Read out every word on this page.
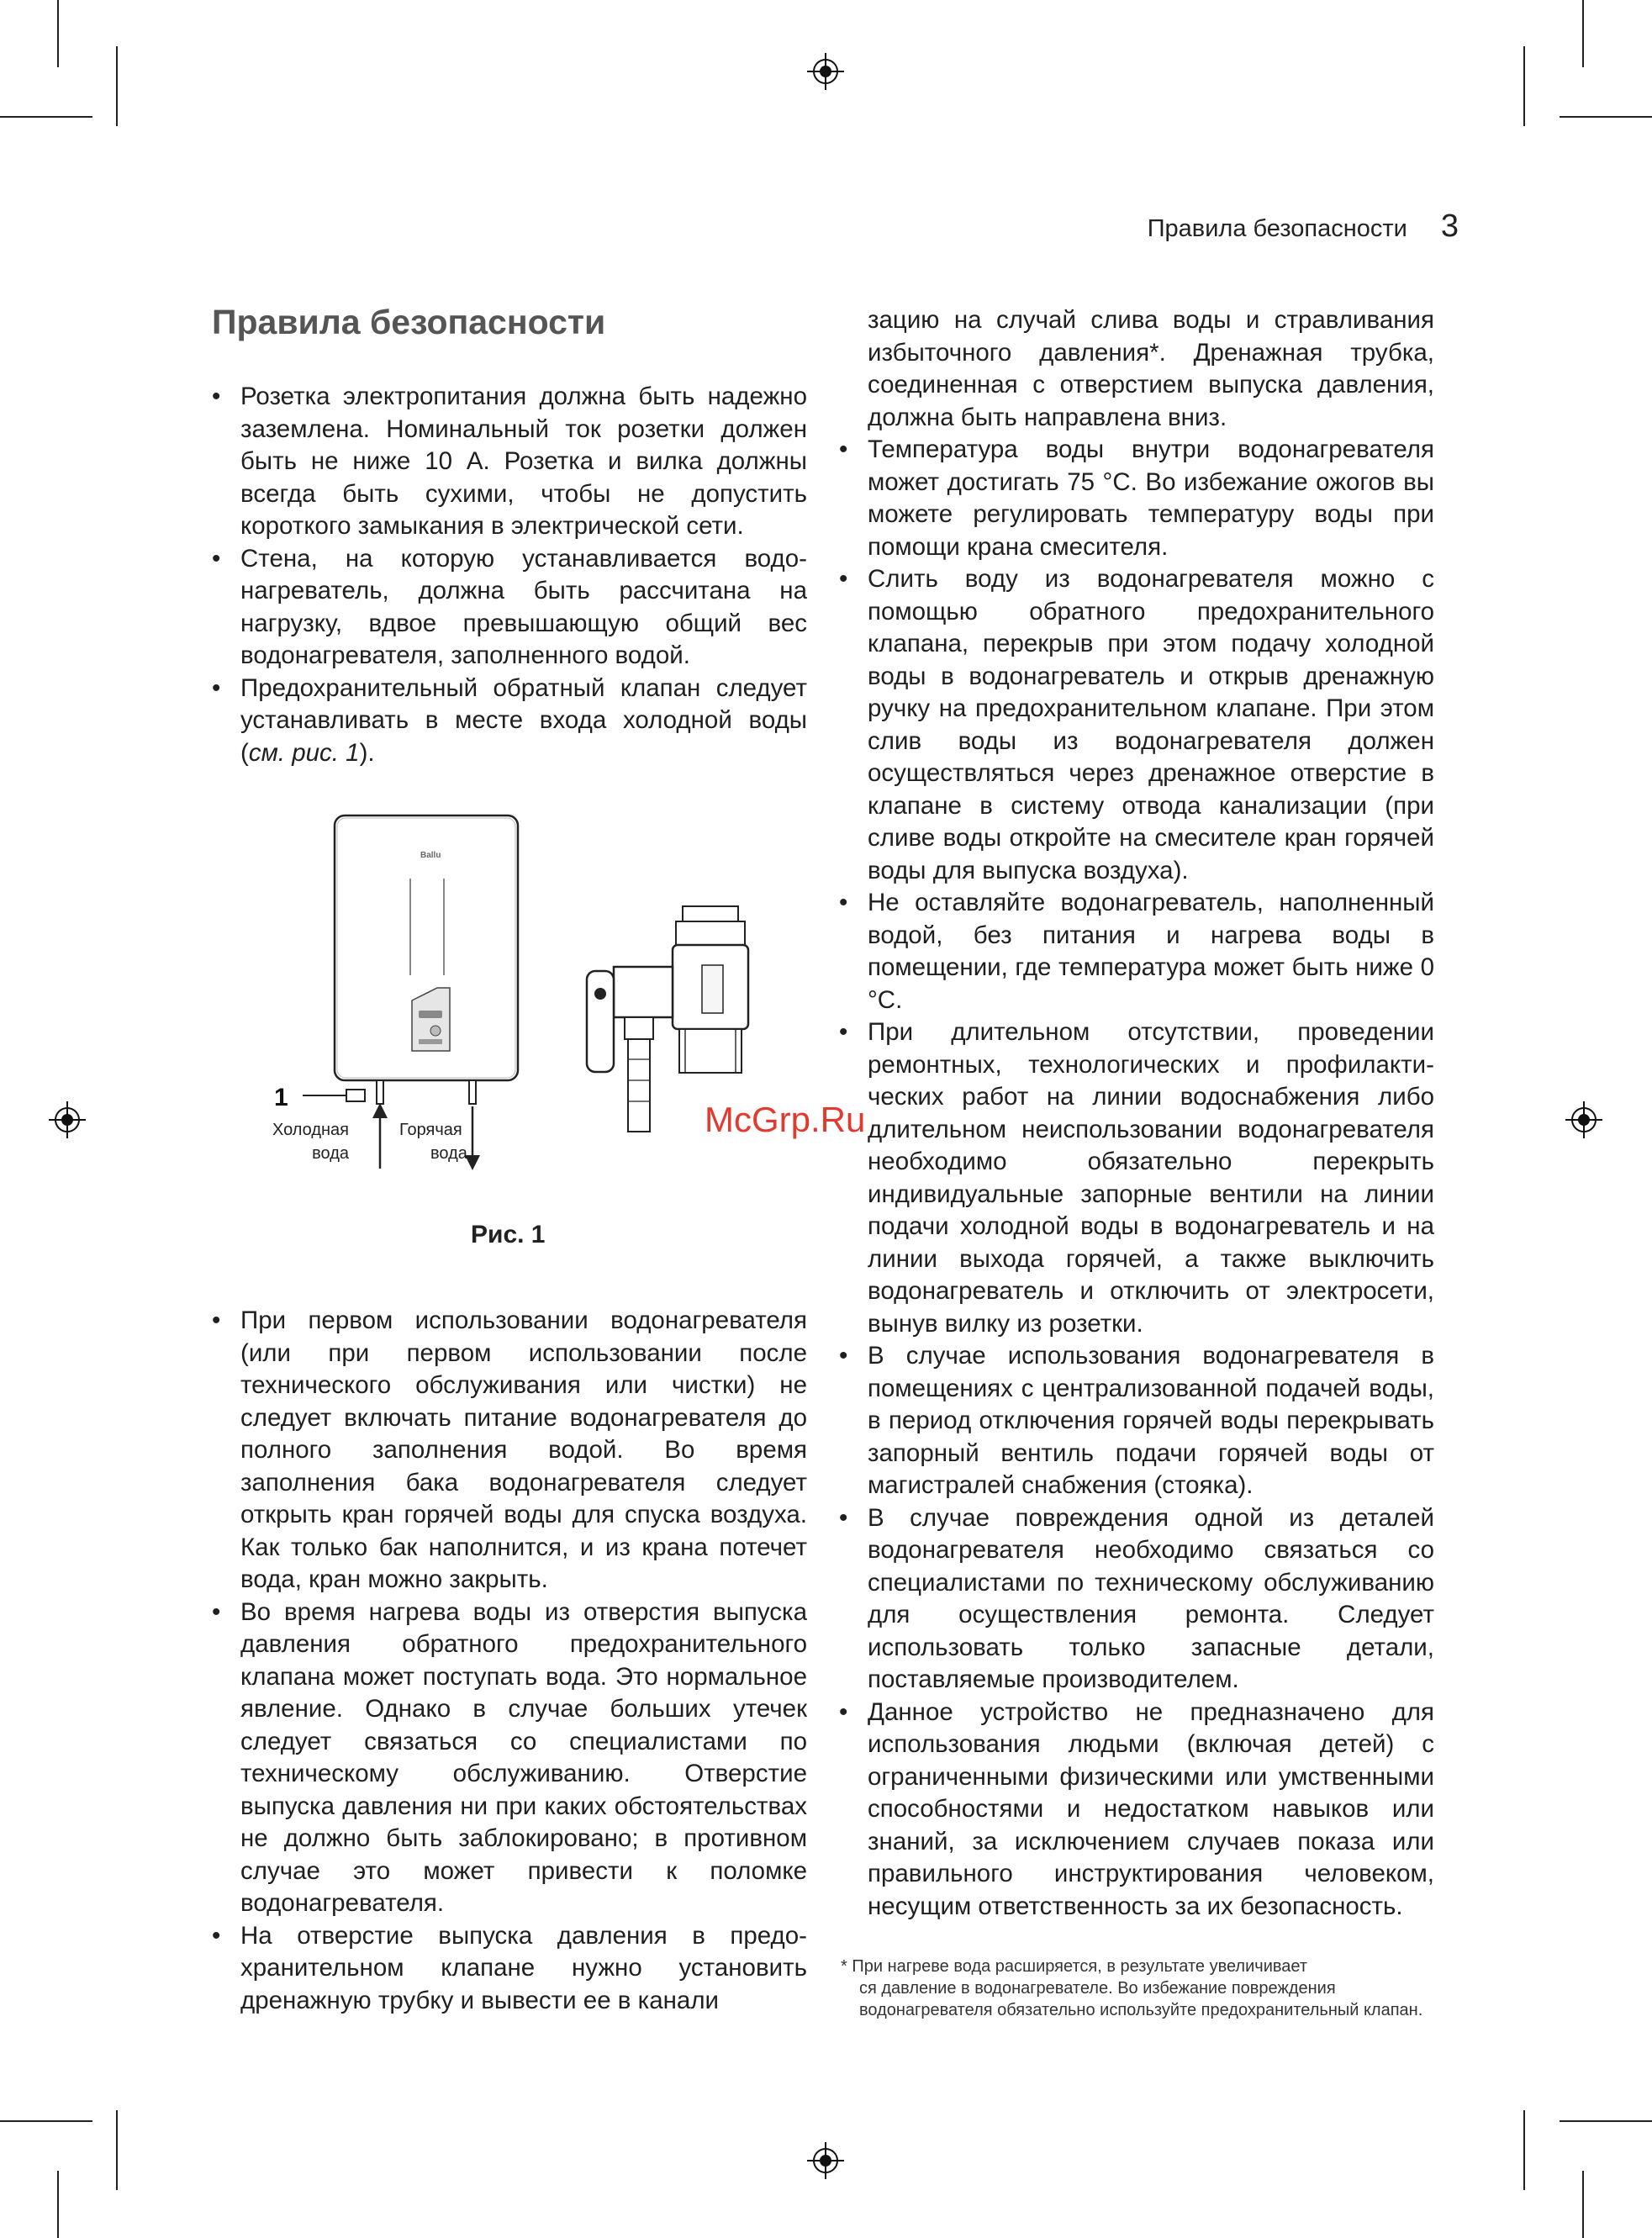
Правила безопасности 3
Правила безопасности
• Розетка электропитания должна быть надежно заземлена. Номинальный ток розетки должен быть не ниже 10 А. Розетка и вилка должны всегда быть сухими, чтобы не допустить короткого замыкания в электрической сети.
• Стена, на которую устанавливается водонагреватель, должна быть рассчитана на нагрузку, вдвое превышающую общий вес водонагревателя, заполненного водой.
• Предохранительный обратный клапан следует устанавливать в месте входа холодной воды (см. рис. 1).
Ballu
1
Холодная
вода
Горячая
вода
Рис. 1
• При первом использовании водонагревателя (или при первом использовании после технического обслуживания или чистки) не следует включать питание водонагревателя до полного заполнения водой. Во время заполнения бака водонагревателя следует открыть кран горячей воды для спуска воздуха. Как только бак наполнится, и из крана потечет вода, кран можно закрыть.
• Во время нагрева воды из отверстия выпуска давления обратного предохранительного клапана может поступать вода. Это нормальное явление. Однако в случае больших утечек следует связаться со специалистами по техническому обслуживанию. Отверстие выпуска давления ни при каких обстоятельствах не должно быть заблокировано; в противном случае это может привести к поломке водонагревателя.
• На отверстие выпуска давления в предохранительном клапане нужно установить дренажную трубку и вывести ее в канали

зацию на случай слива воды и стравливания избыточного давления*. Дренажная трубка, соединенная с отверстием выпуска давления, должна быть направлена вниз.

• Температура воды внутри водонагревателя может достигать 75 °С. Во избежание ожогов вы можете регулировать температуру воды при помощи крана смесителя.
• Слить воду из водонагревателя можно с помощью обратного предохранительного клапана, перекрыв при этом подачу холодной воды в водонагреватель и открыв дренажную ручку на предохранительном клапане. При этом слив воды из водонагревателя должен осуществляться через дренажное отверстие в клапане в систему отвода канализации (при сливе воды откройте на смесителе кран горячей воды для выпуска воздуха).
• Не оставляйте водонагреватель, наполненный водой, без питания и нагрева воды в помещении, где температура может быть ниже 0 °С.
• При длительном отсутствии, проведении ремонтных, технологических и профилактических работ на линии водоснабжения либо длительном неиспользовании водонагревателя необходимо обязательно перекрыть индивидуальные запорные вентили на линии подачи холодной воды в водонагреватель и на линии выхода горячей, а также выключить водонагреватель и отключить от электросети, вынув вилку из розетки.
• В случае использования водонагревателя в помещениях с централизованной подачей воды, в период отключения горячей воды перекрывать запорный вентиль подачи горячей воды от магистралей снабжения (стояка).
• В случае повреждения одной из деталей водонагревателя необходимо связаться со специалистами по техническому обслуживанию для осуществления ремонта. Следует использовать только запасные детали, поставляемые производителем.
• Данное устройство не предназначено для использования людьми (включая детей) с ограниченными физическими или умственными способностями и недостатком навыков или знаний, за исключением случаев показа или правильного инструктирования человеком, несущим ответственность за их безопасность.
* При нагреве вода расширяется, в результате увеличивает
ся давление в водонагревателе. Во избежание повреждения водонагревателя обязательно используйте предохранительный клапан.
McGrp.Ru
